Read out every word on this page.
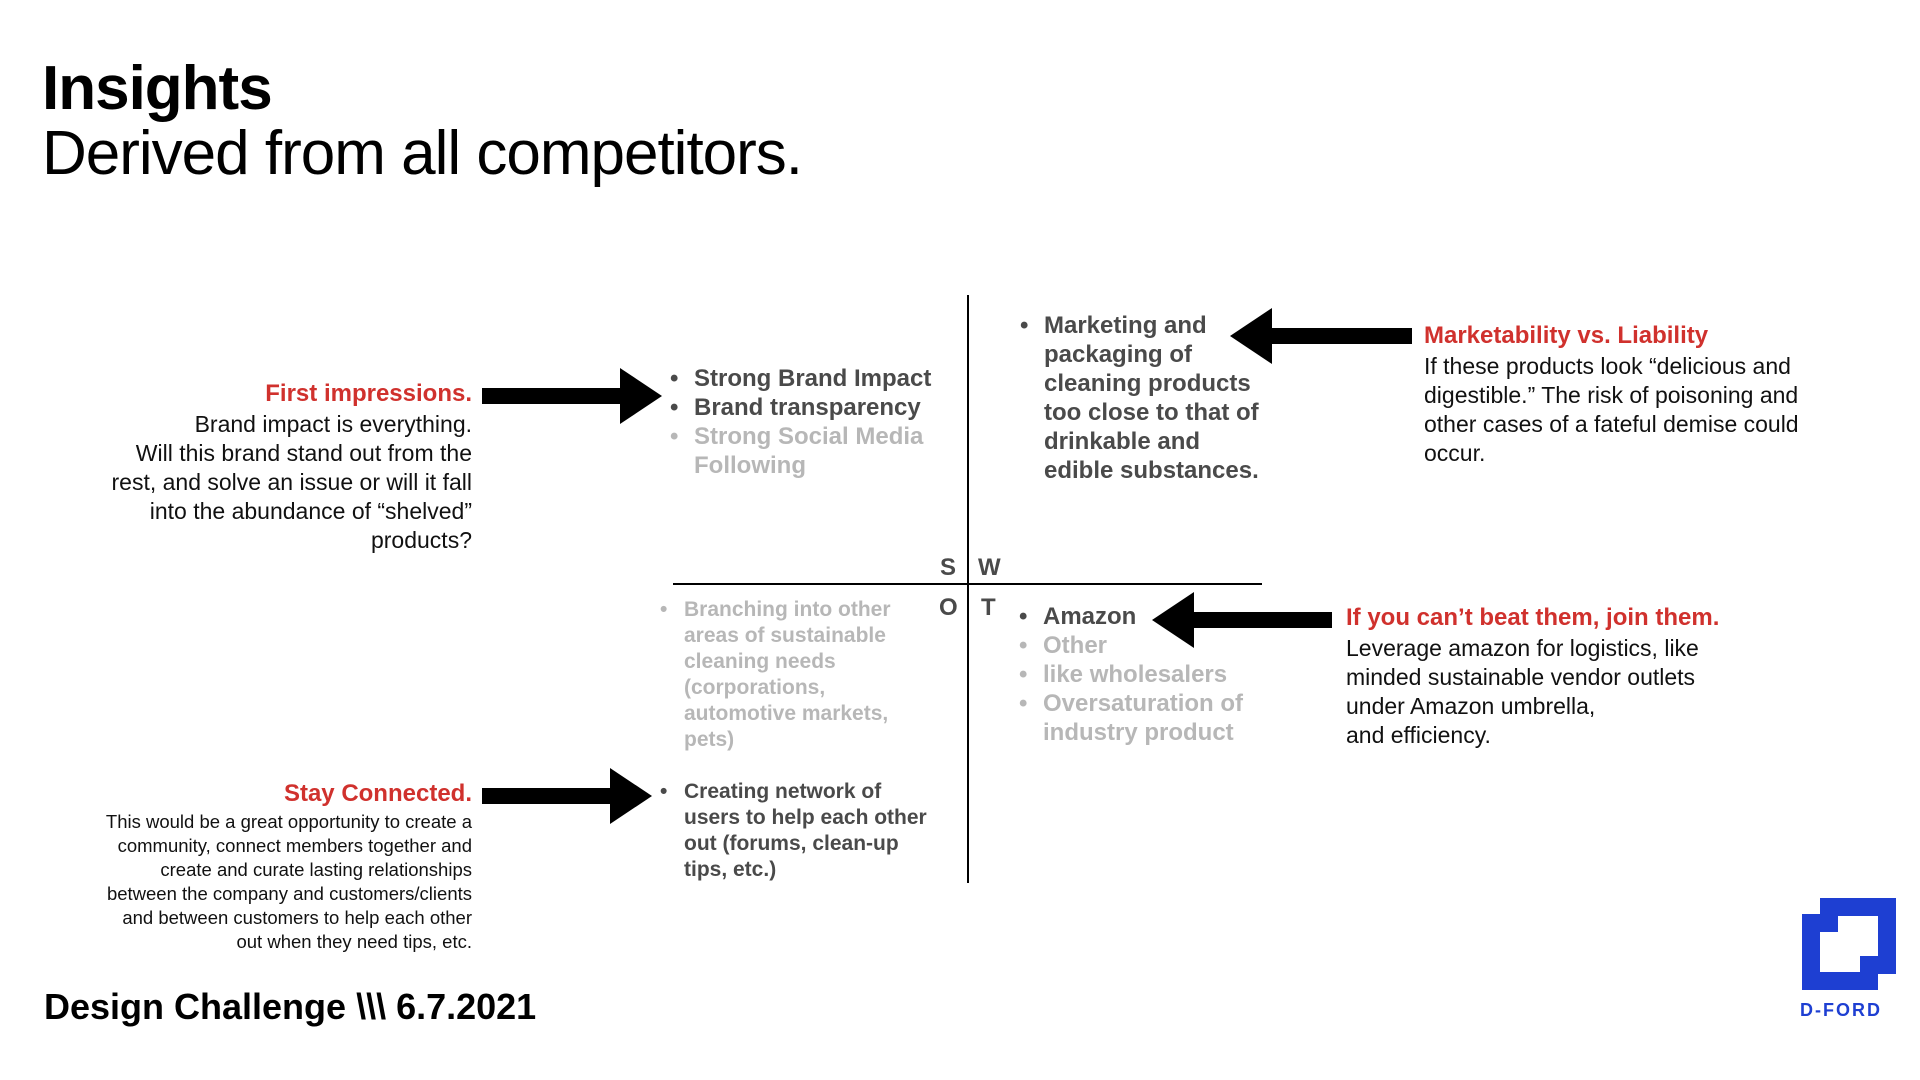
Insights
Derived from all competitors.
S W
O T
• Strong Brand Impact
• Brand transparency
• Strong Social Media Following
• Marketing and packaging of cleaning products too close to that of drinkable and edible substances.
• Branching into other areas of sustainable cleaning needs (corporations, automotive markets, pets)
• Creating network of users to help each other out (forums, clean-up tips, etc.)
• Amazon
• Other
• like wholesalers
• Oversaturation of industry product
First impressions.
Brand impact is everything.
Will this brand stand out from the
rest, and solve an issue or will it fall
into the abundance of “shelved”
products?
Stay Connected.
This would be a great opportunity to create a
community, connect members together and
create and curate lasting relationships
between the company and customers/clients
and between customers to help each other
out when they need tips, etc.
Marketability vs. Liability
If these products look “delicious and
digestible.” The risk of poisoning and
other cases of a fateful demise could
occur.
If you can’t beat them, join them.
Leverage amazon for logistics, like
minded sustainable vendor outlets
under Amazon umbrella,
and efficiency.
Design Challenge \\\ 6.7.2021	D-FORD
